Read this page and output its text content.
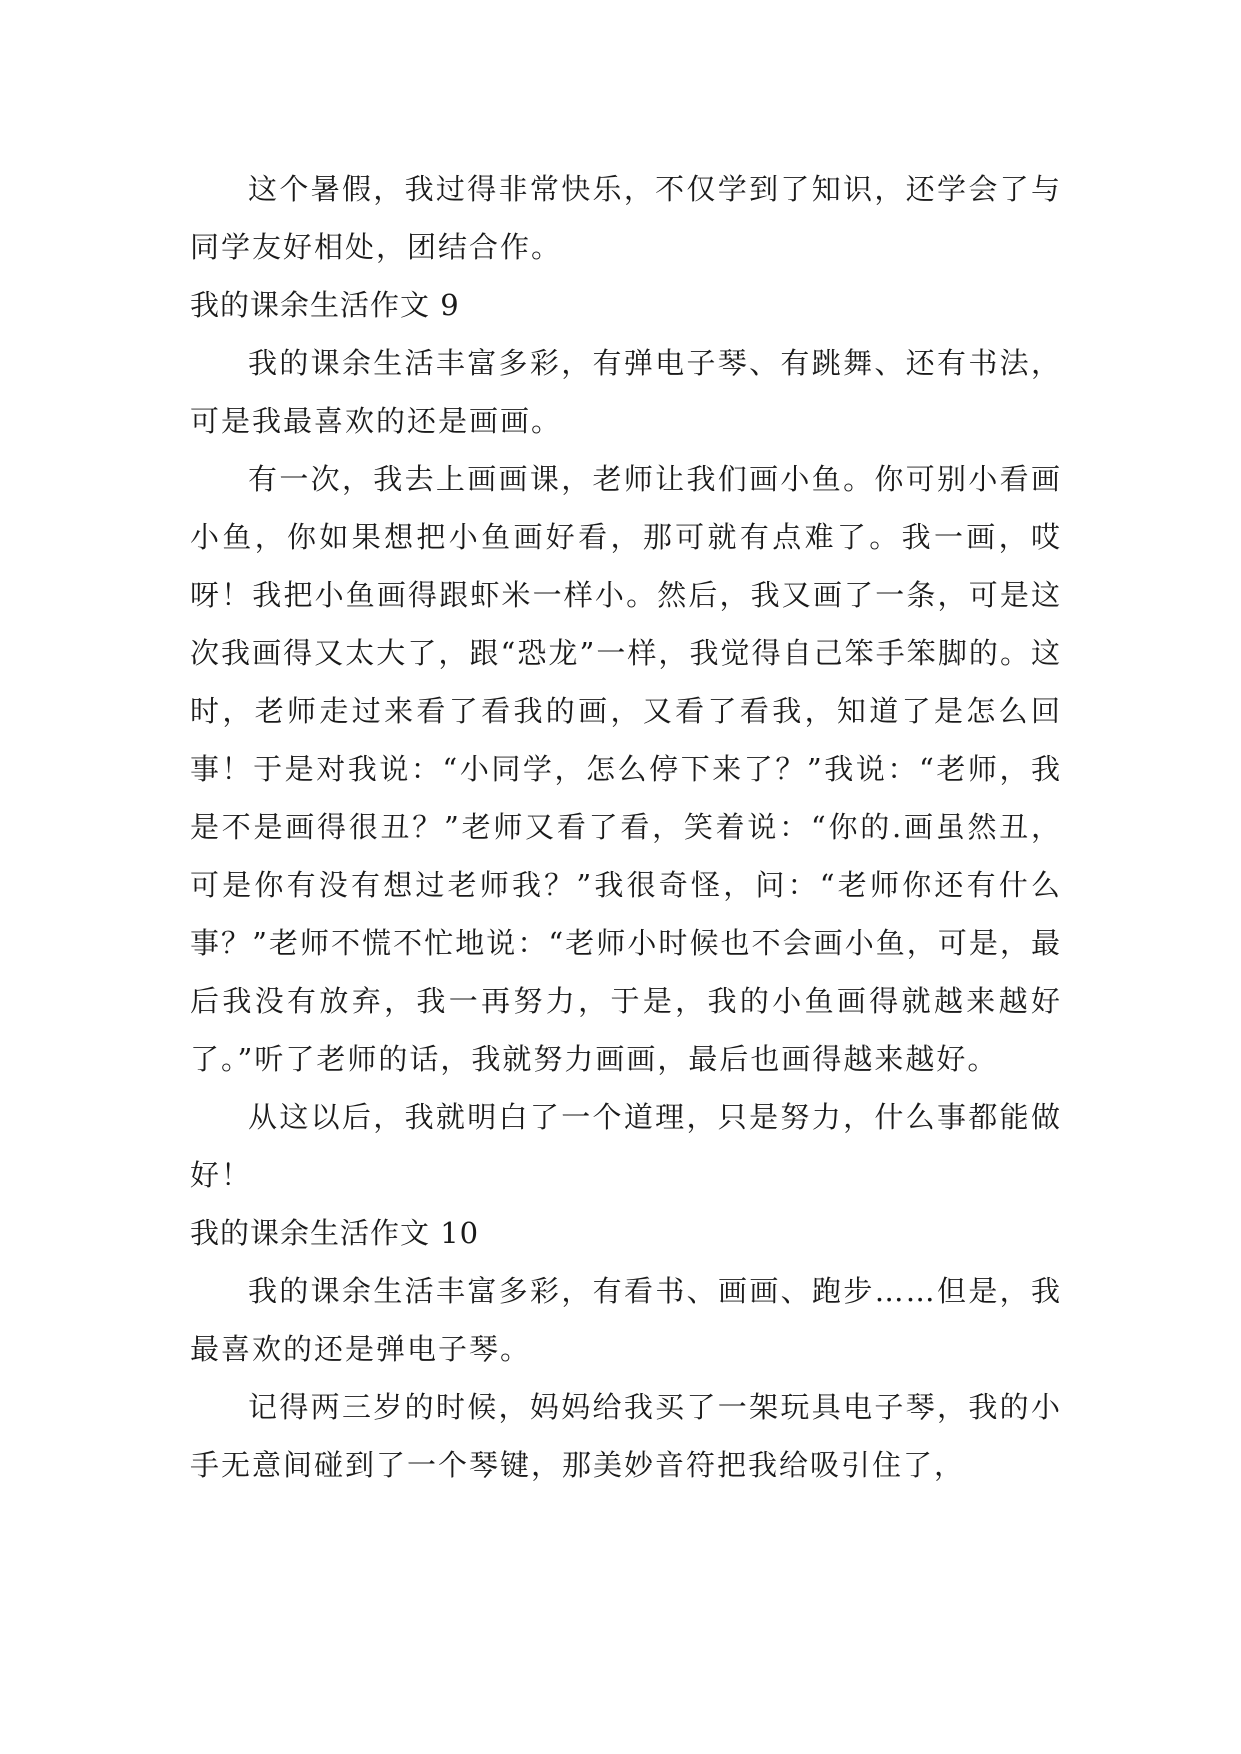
这个暑假，我过得非常快乐，不仅学到了知识，还学会了与同学友好相处，团结合作。

我的课余生活作文 9

我的课余生活丰富多彩，有弹电子琴、有跳舞、还有书法，可是我最喜欢的还是画画。

有一次，我去上画画课，老师让我们画小鱼。你可别小看画小鱼，你如果想把小鱼画好看，那可就有点难了。我一画，哎呀！我把小鱼画得跟虾米一样小。然后，我又画了一条，可是这次我画得又太大了，跟“恐龙”一样，我觉得自己笨手笨脚的。这时，老师走过来看了看我的画，又看了看我，知道了是怎么回事！于是对我说：“小同学，怎么停下来了？”我说：“老师，我是不是画得很丑？”老师又看了看，笑着说：“你的.画虽然丑，可是你有没有想过老师我？”我很奇怪，问：“老师你还有什么事？”老师不慌不忙地说：“老师小时候也不会画小鱼，可是，最后我没有放弃，我一再努力，于是，我的小鱼画得就越来越好了。”听了老师的话，我就努力画画，最后也画得越来越好。

从这以后，我就明白了一个道理，只是努力，什么事都能做好！

我的课余生活作文 10

我的课余生活丰富多彩，有看书、画画、跑步……但是，我最喜欢的还是弹电子琴。

记得两三岁的时候，妈妈给我买了一架玩具电子琴，我的小手无意间碰到了一个琴键，那美妙音符把我给吸引住了，
